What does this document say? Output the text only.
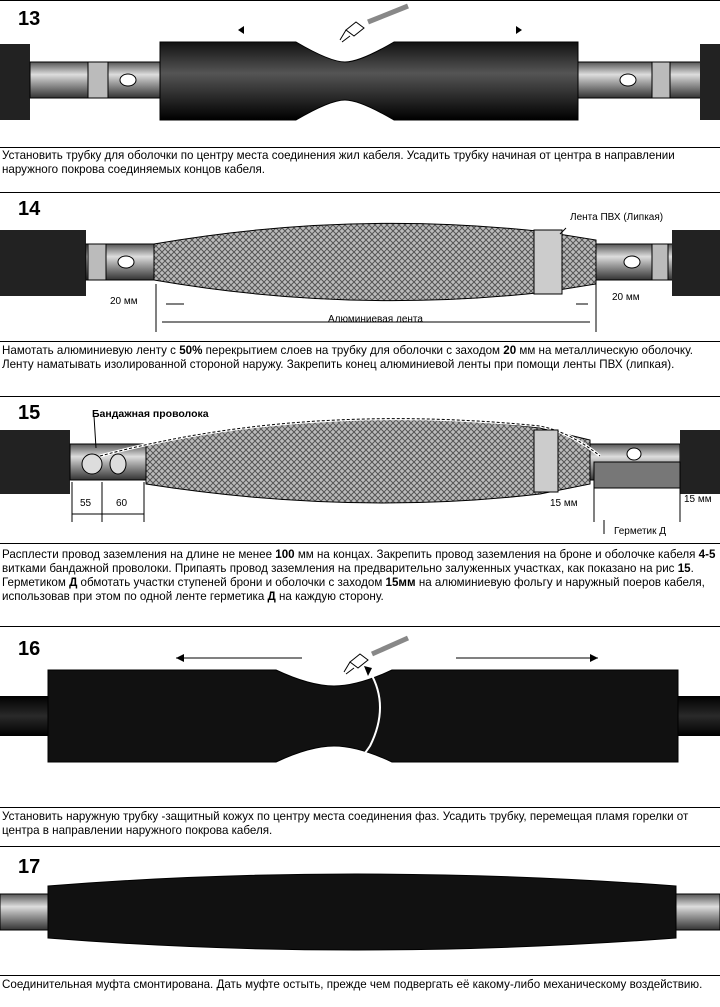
13
Установить трубку для оболочки по центру места соединения жил кабеля. Усадить трубку начиная от центра в направлении наружного покрова соединяемых концов кабеля.
14	Лента ПВХ (Липкая)
20 мм	20 мм
Алюминиевая лента
Намотать алюминиевую ленту с 50% перекрытием слоев на трубку для оболочки с заходом 20 мм на металлическую оболочку. Ленту наматывать изолированной стороной наружу. Закрепить конец алюминиевой ленты при помощи ленты ПВХ (липкая).
15	Бандажная проволока
55 60	15 мм	15 мм
Герметик Д
Расплести провод заземления на длине не менее 100 мм на концах. Закрепить провод заземления на броне и оболочке кабеля 4-5 витками бандажной проволоки. Припаять провод заземления на предварительно залуженных участках, как показано на рис 15. Герметиком Д обмотать участки ступеней брони и оболочки с заходом 15мм на алюминиевую фольгу и наружный поеров кабеля, использовав при этом по одной ленте герметика Д на каждую сторону.
16
Установить наружную трубку -защитный кожух по центру места соединения фаз. Усадить трубку, перемещая пламя горелки от центра в направлении наружного покрова кабеля.
17
Соединительная муфта смонтирована. Дать муфте остыть, прежде чем подвергать её какому-либо механическому воздействию.
